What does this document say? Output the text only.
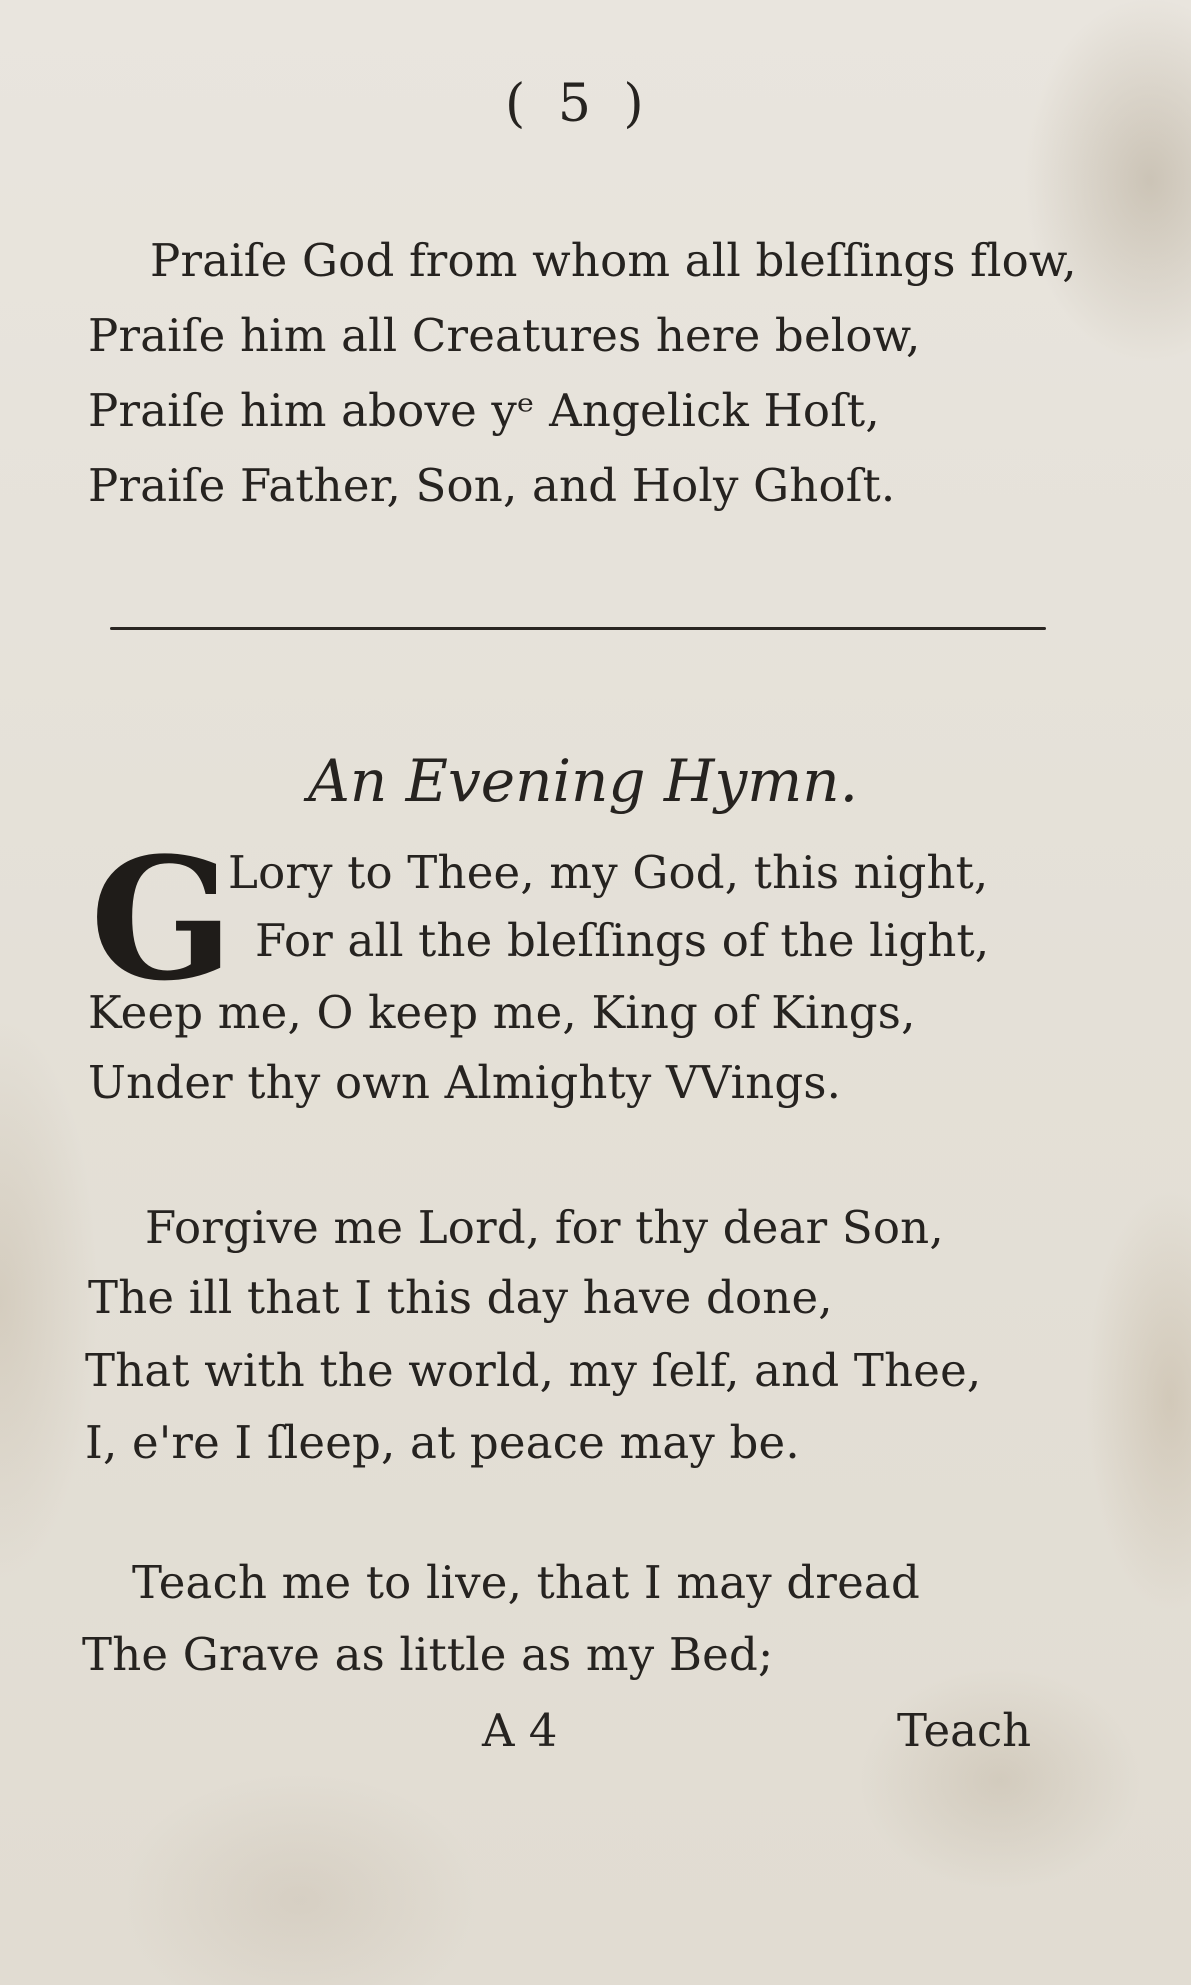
( 5 )
Praiſe God from whom all bleſſings flow,
Praiſe him all Creatures here below,
Praiſe him above yᵉ Angelick Hoſt,
Praiſe Father, Son, and Holy Ghoſt.
An Evening Hymn.
G
Lory to Thee, my God, this night,
For all the bleſſings of the light,
Keep me, O keep me, King of Kings,
Under thy own Almighty VVings.
Forgive me Lord, for thy dear Son,
The ill that I this day have done,
That with the world, my ſelf, and Thee,
I, e're I ſleep, at peace may be.
Teach me to live, that I may dread
The Grave as little as my Bed;
A 4	Teach
